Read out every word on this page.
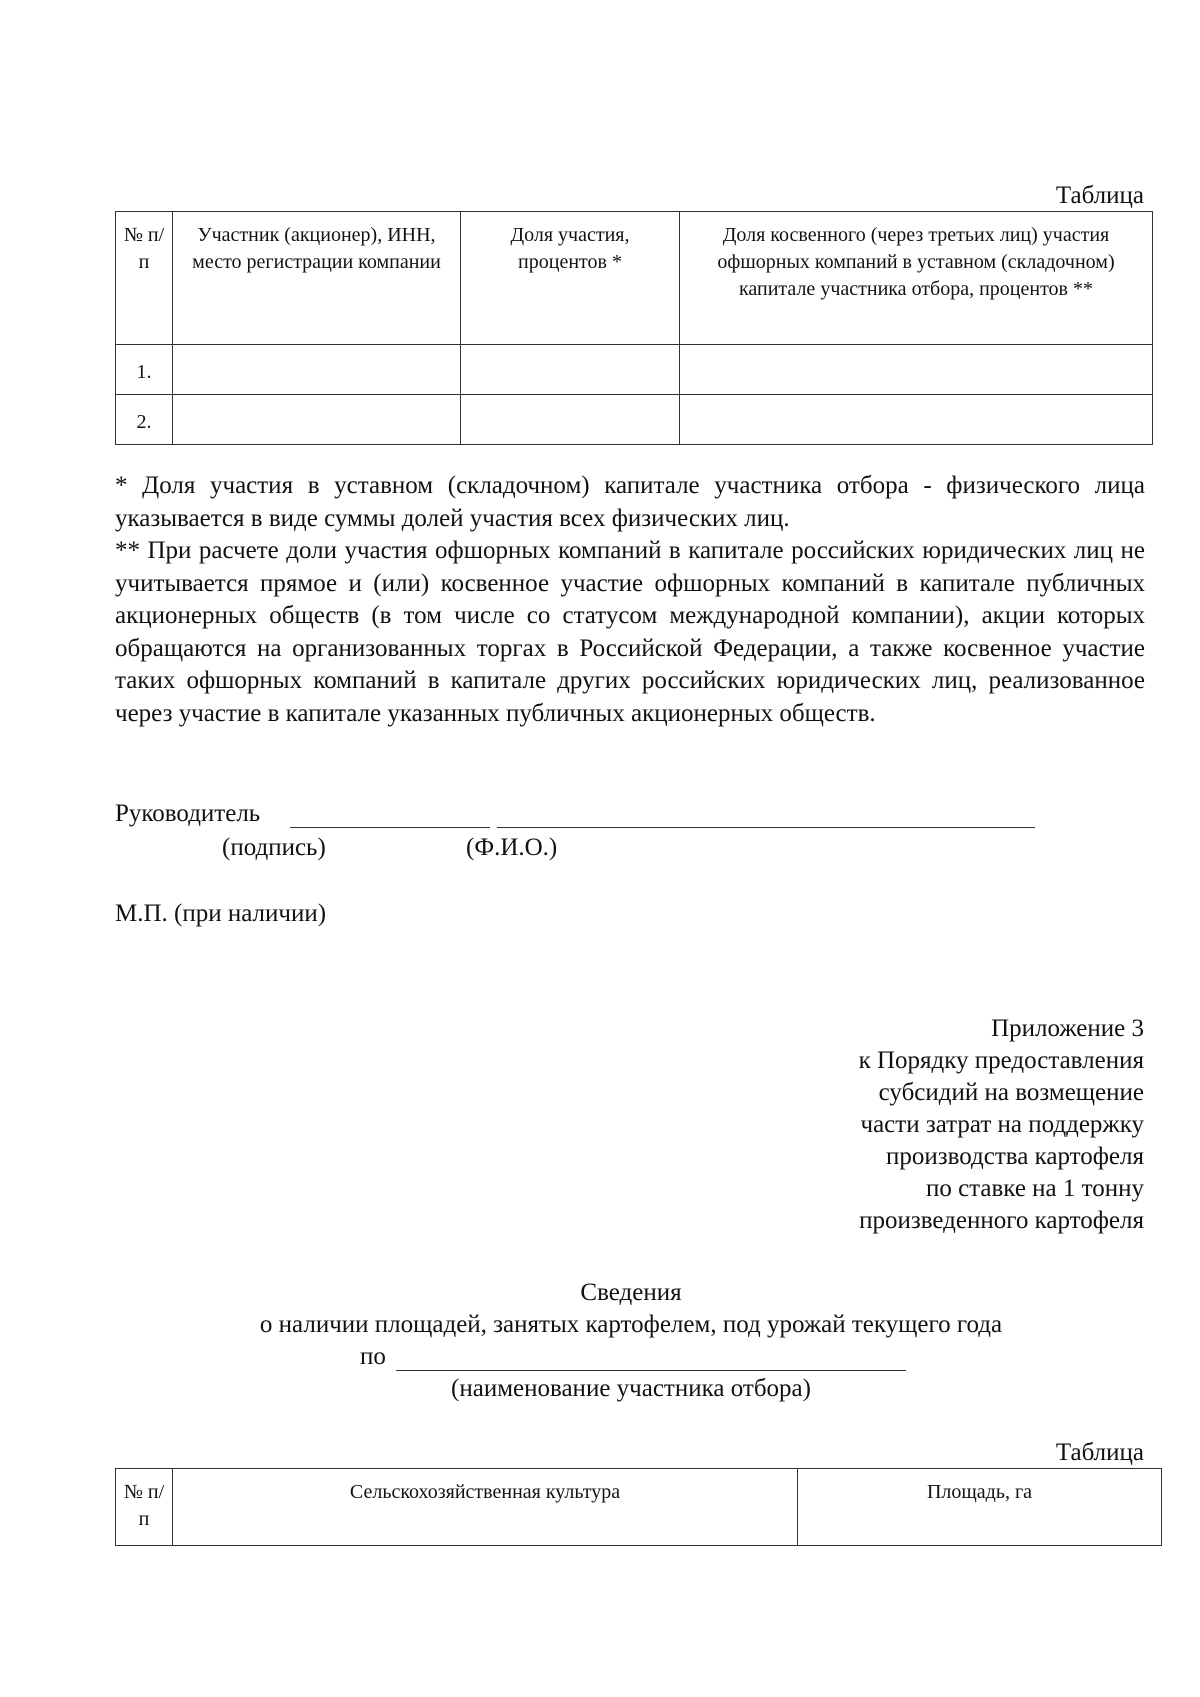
Таблица
№ п/п	Участник (акционер), ИНН, место регистрации компании	Доля участия, процентов *	Доля косвенного (через третьих лиц) участия офшорных компаний в уставном (складочном) капитале участника отбора, процентов **
1.			
2.			

* Доля участия в уставном (складочном) капитале участника отбора - физического лица указывается в виде суммы долей участия всех физических лиц.

** При расчете доли участия офшорных компаний в капитале российских юридических лиц не учитывается прямое и (или) косвенное участие офшорных компаний в капитале публичных акционерных обществ (в том числе со статусом международной компании), акции которых обращаются на организованных торгах в Российской Федерации, а также косвенное участие таких офшорных компаний в капитале других российских юридических лиц, реализованное через участие в капитале указанных публичных акционерных обществ.

Руководитель
(подпись)	(Ф.И.О.)
М.П. (при наличии)
Приложение 3
к Порядку предоставления
субсидий на возмещение
части затрат на поддержку
производства картофеля
по ставке на 1 тонну
произведенного картофеля
Сведения
о наличии площадей, занятых картофелем, под урожай текущего года
по
(наименование участника отбора)
Таблица
№ п/п	Сельскохозяйственная культура	Площадь, га
